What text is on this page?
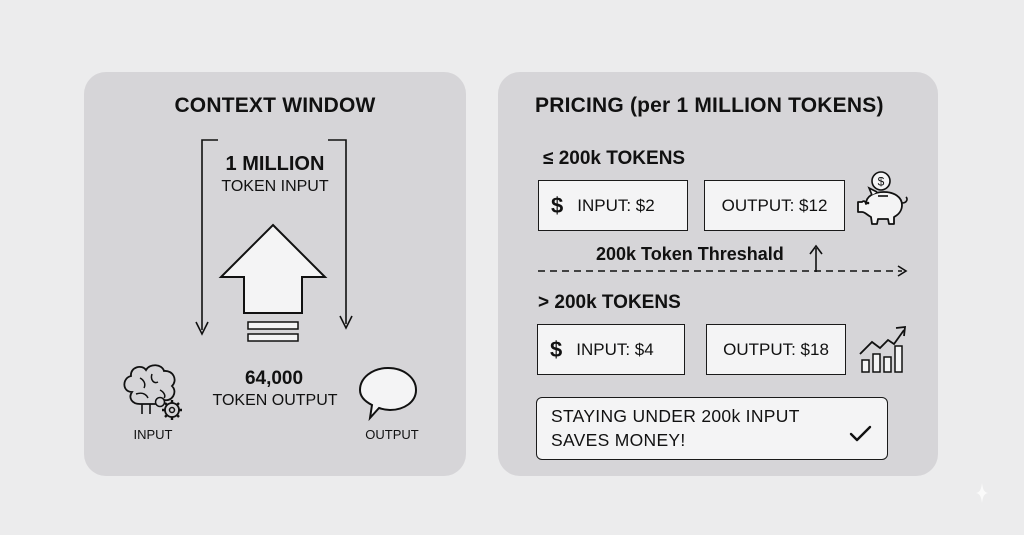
CONTEXT WINDOW
1 MILLION
TOKEN INPUT
64,000
TOKEN OUTPUT
INPUT	OUTPUT
PRICING (per 1 MILLION TOKENS)
≤ 200k TOKENS
$ INPUT: $2	OUTPUT: $12
$
200k Token Threshald
> 200k TOKENS
$ INPUT: $4	OUTPUT: $18
STAYING UNDER 200k INPUT
SAVES MONEY!
